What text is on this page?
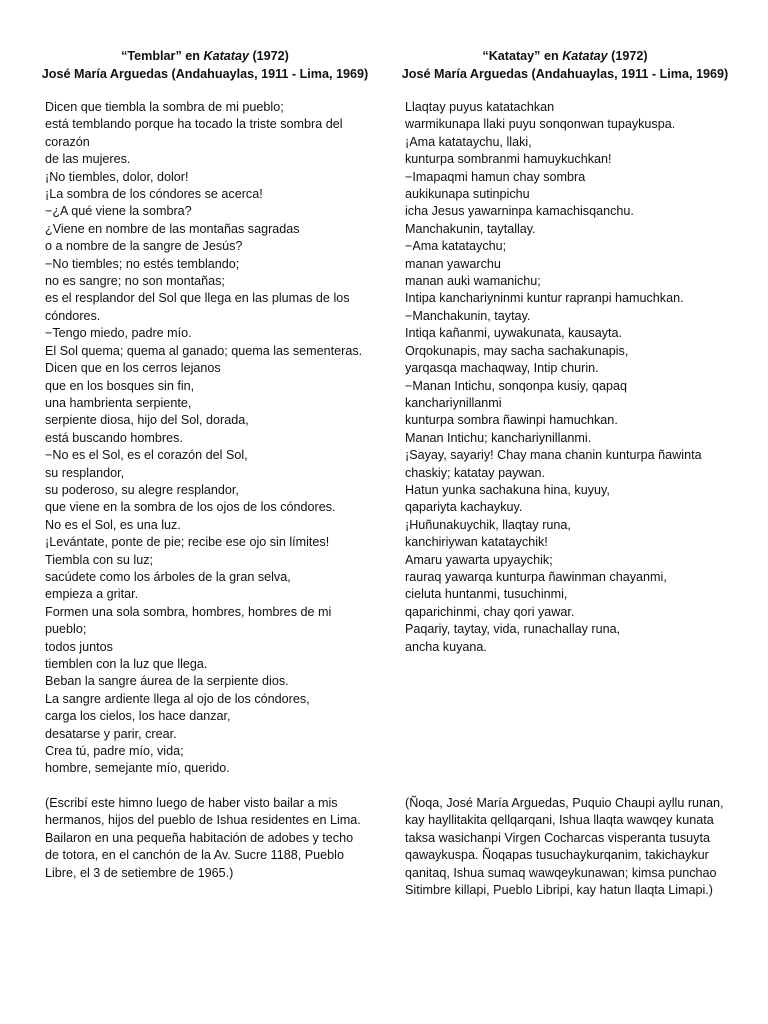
“Temblar” en Katatay (1972)
José María Arguedas (Andahuaylas, 1911 - Lima, 1969)
Dicen que tiembla la sombra de mi pueblo;
está temblando porque ha tocado la triste sombra del
corazón
de las mujeres.
¡No tiembles, dolor, dolor!
¡La sombra de los cóndores se acerca!
−¿A qué viene la sombra?
¿Viene en nombre de las montañas sagradas
o a nombre de la sangre de Jesús?
−No tiembles; no estés temblando;
no es sangre; no son montañas;
es el resplandor del Sol que llega en las plumas de los
cóndores.
−Tengo miedo, padre mío.
El Sol quema; quema al ganado; quema las sementeras.
Dicen que en los cerros lejanos
que en los bosques sin fin,
una hambrienta serpiente,
serpiente diosa, hijo del Sol, dorada,
está buscando hombres.
−No es el Sol, es el corazón del Sol,
su resplandor,
su poderoso, su alegre resplandor,
que viene en la sombra de los ojos de los cóndores.
No es el Sol, es una luz.
¡Levántate, ponte de pie; recibe ese ojo sin límites!
Tiembla con su luz;
sacúdete como los árboles de la gran selva,
empieza a gritar.
Formen una sola sombra, hombres, hombres de mi
pueblo;
todos juntos
tiemblen con la luz que llega.
Beban la sangre áurea de la serpiente dios.
La sangre ardiente llega al ojo de los cóndores,
carga los cielos, los hace danzar,
desatarse y parir, crear.
Crea tú, padre mío, vida;
hombre, semejante mío, querido.
“Katatay” en Katatay (1972)
José María Arguedas (Andahuaylas, 1911 - Lima, 1969)
Llaqtay puyus katatachkan
warmikunapa llaki puyu sonqonwan tupaykuspa.
¡Ama katataychu, llaki,
kunturpa sombranmi hamuykuchkan!
−Imapaqmi hamun chay sombra
aukikunapa sutinpichu
icha Jesus yawarninpa kamachisqanchu.
Manchakunin, taytallay.
−Ama katataychu;
manan yawarchu
manan auki wamanichu;
Intipa kanchariyninmi kuntur rapranpi hamuchkan.
−Manchakunin, taytay.
Intiqa kañanmi, uywakunata, kausayta.
Orqokunapis, may sacha sachakunapis,
yarqasqa machaqway, Intip churin.
−Manan Intichu, sonqonpa kusiy, qapaq
kanchariynillanmi
kunturpa sombra ñawinpi hamuchkan.
Manan Intichu; kanchariynillanmi.
¡Sayay, sayariy! Chay mana chanin kunturpa ñawinta
chaskiy; katatay paywan.
Hatun yunka sachakuna hina, kuyuy,
qapariyta kachaykuy.
¡Huñunakuychik, llaqtay runa,
kanchiriywan katataychik!
Amaru yawarta upyaychik;
rauraq yawarqa kunturpa ñawinman chayanmi,
cieluta huntanmi, tusuchinmi,
qaparichinmi, chay qori yawar.
Paqariy, taytay, vida, runachallay runa,
ancha kuyana.

(Escribí este himno luego de haber visto bailar a mis hermanos, hijos del pueblo de Ishua residentes en Lima. Bailaron en una pequeña habitación de adobes y techo de totora, en el canchón de la Av. Sucre 1188, Pueblo Libre, el 3 de setiembre de 1965.)

(Ñoqa, José María Arguedas, Puquio Chaupi ayllu runan, kay hayllitakita qellqarqani, Ishua llaqta wawqey kunata taksa wasichanpi Virgen Cocharcas visperanta tusuyta qawaykuspa. Ñoqapas tusuchaykurqanim, takichaykur qanitaq, Ishua sumaq wawqeykunawan; kimsa punchao Sitimbre killapi, Pueblo Libripi, kay hatun llaqta Limapi.)
